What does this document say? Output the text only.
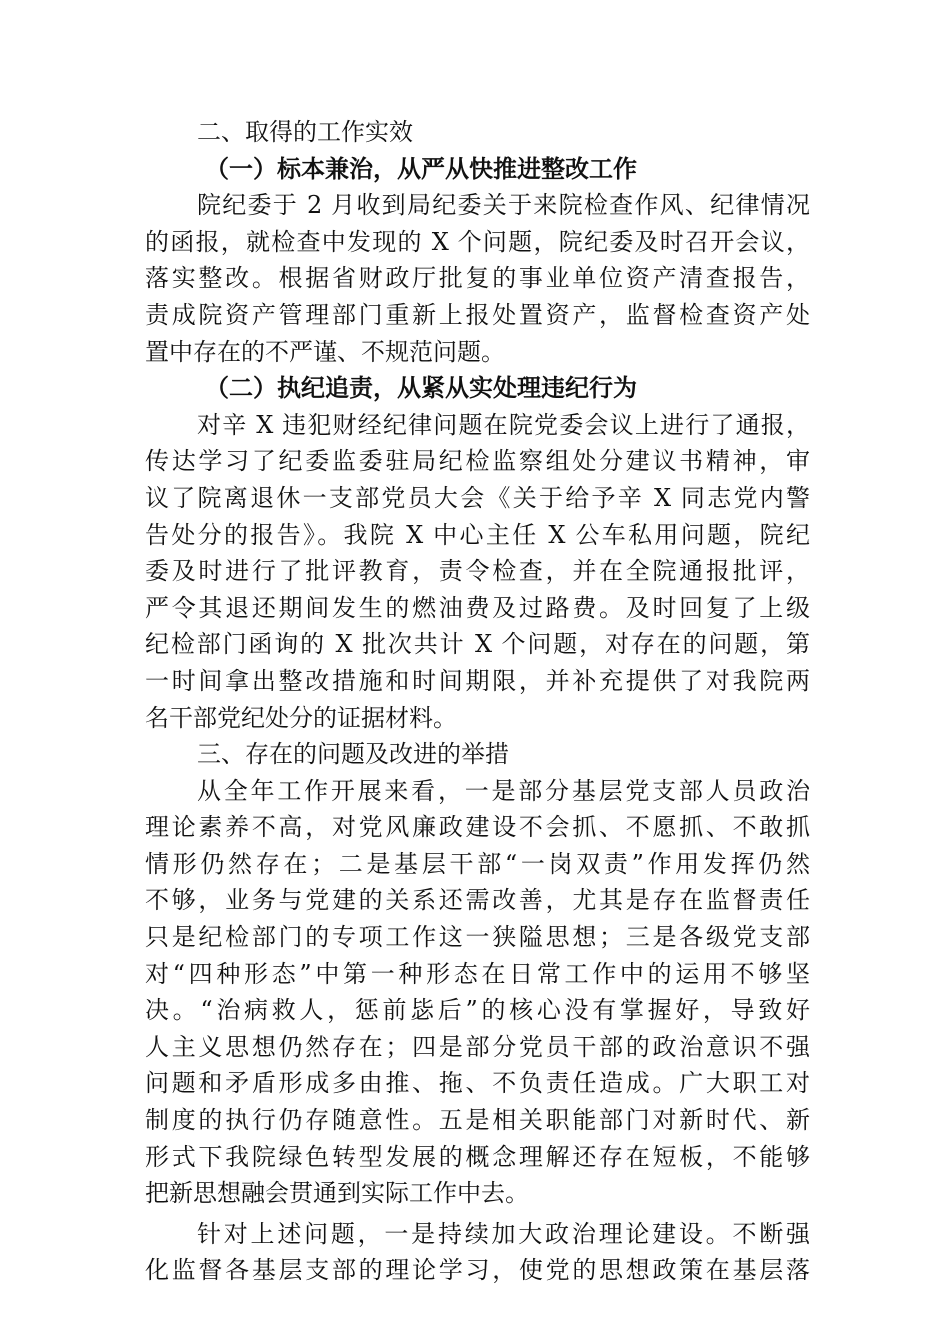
二、取得的工作实效
（一）标本兼治，从严从快推进整改工作
院纪委于 2 月收到局纪委关于来院检查作风、纪律情况
的函报，就检查中发现的 X 个问题，院纪委及时召开会议，
落实整改。根据省财政厅批复的事业单位资产清查报告，
责成院资产管理部门重新上报处置资产，监督检查资产处
置中存在的不严谨、不规范问题。
（二）执纪追责，从紧从实处理违纪行为
对辛 X 违犯财经纪律问题在院党委会议上进行了通报，
传达学习了纪委监委驻局纪检监察组处分建议书精神，审
议了院离退休一支部党员大会《关于给予辛 X 同志党内警
告处分的报告》。我院 X 中心主任 X 公车私用问题，院纪
委及时进行了批评教育，责令检查，并在全院通报批评，
严令其退还期间发生的燃油费及过路费。及时回复了上级
纪检部门函询的 X 批次共计 X 个问题，对存在的问题，第
一时间拿出整改措施和时间期限，并补充提供了对我院两
名干部党纪处分的证据材料。
三、存在的问题及改进的举措
从全年工作开展来看，一是部分基层党支部人员政治
理论素养不高，对党风廉政建设不会抓、不愿抓、不敢抓
情形仍然存在；二是基层干部“一岗双责”作用发挥仍然
不够，业务与党建的关系还需改善，尤其是存在监督责任
只是纪检部门的专项工作这一狭隘思想；三是各级党支部
对“四种形态”中第一种形态在日常工作中的运用不够坚
决。“治病救人，惩前毖后”的核心没有掌握好，导致好
人主义思想仍然存在；四是部分党员干部的政治意识不强
问题和矛盾形成多由推、拖、不负责任造成。广大职工对
制度的执行仍存随意性。五是相关职能部门对新时代、新
形式下我院绿色转型发展的概念理解还存在短板，不能够
把新思想融会贯通到实际工作中去。
针对上述问题，一是持续加大政治理论建设。不断强
化监督各基层支部的理论学习，使党的思想政策在基层落
